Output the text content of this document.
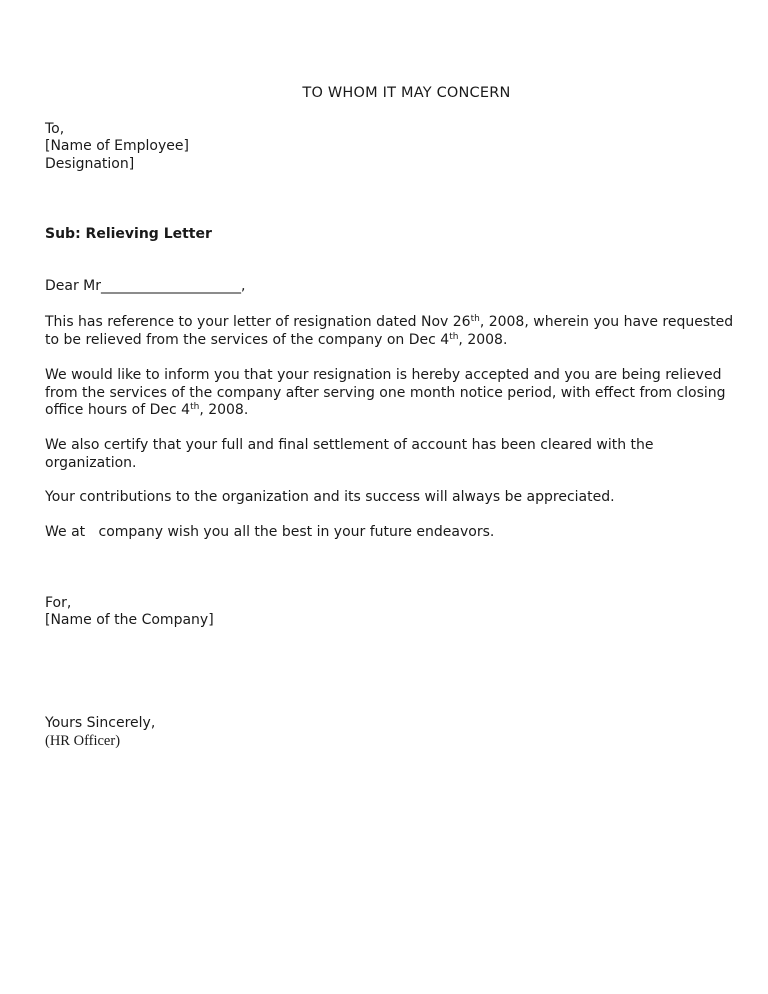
TO WHOM IT MAY CONCERN
To,
[Name of Employee]
Designation]
Sub: Relieving Letter
Dear Mr____________________,
This has reference to your letter of resignation dated Nov 26th, 2008, wherein you have requested to be relieved from the services of the company on Dec 4th, 2008.
We would like to inform you that your resignation is hereby accepted and you are being relieved from the services of the company after serving one month notice period, with effect from closing office hours of Dec 4th, 2008.
We also certify that your full and final settlement of account has been cleared with the organization.
Your contributions to the organization and its success will always be appreciated.
We at   company wish you all the best in your future endeavors.
For,
[Name of the Company]
Yours Sincerely,
(HR Officer)
